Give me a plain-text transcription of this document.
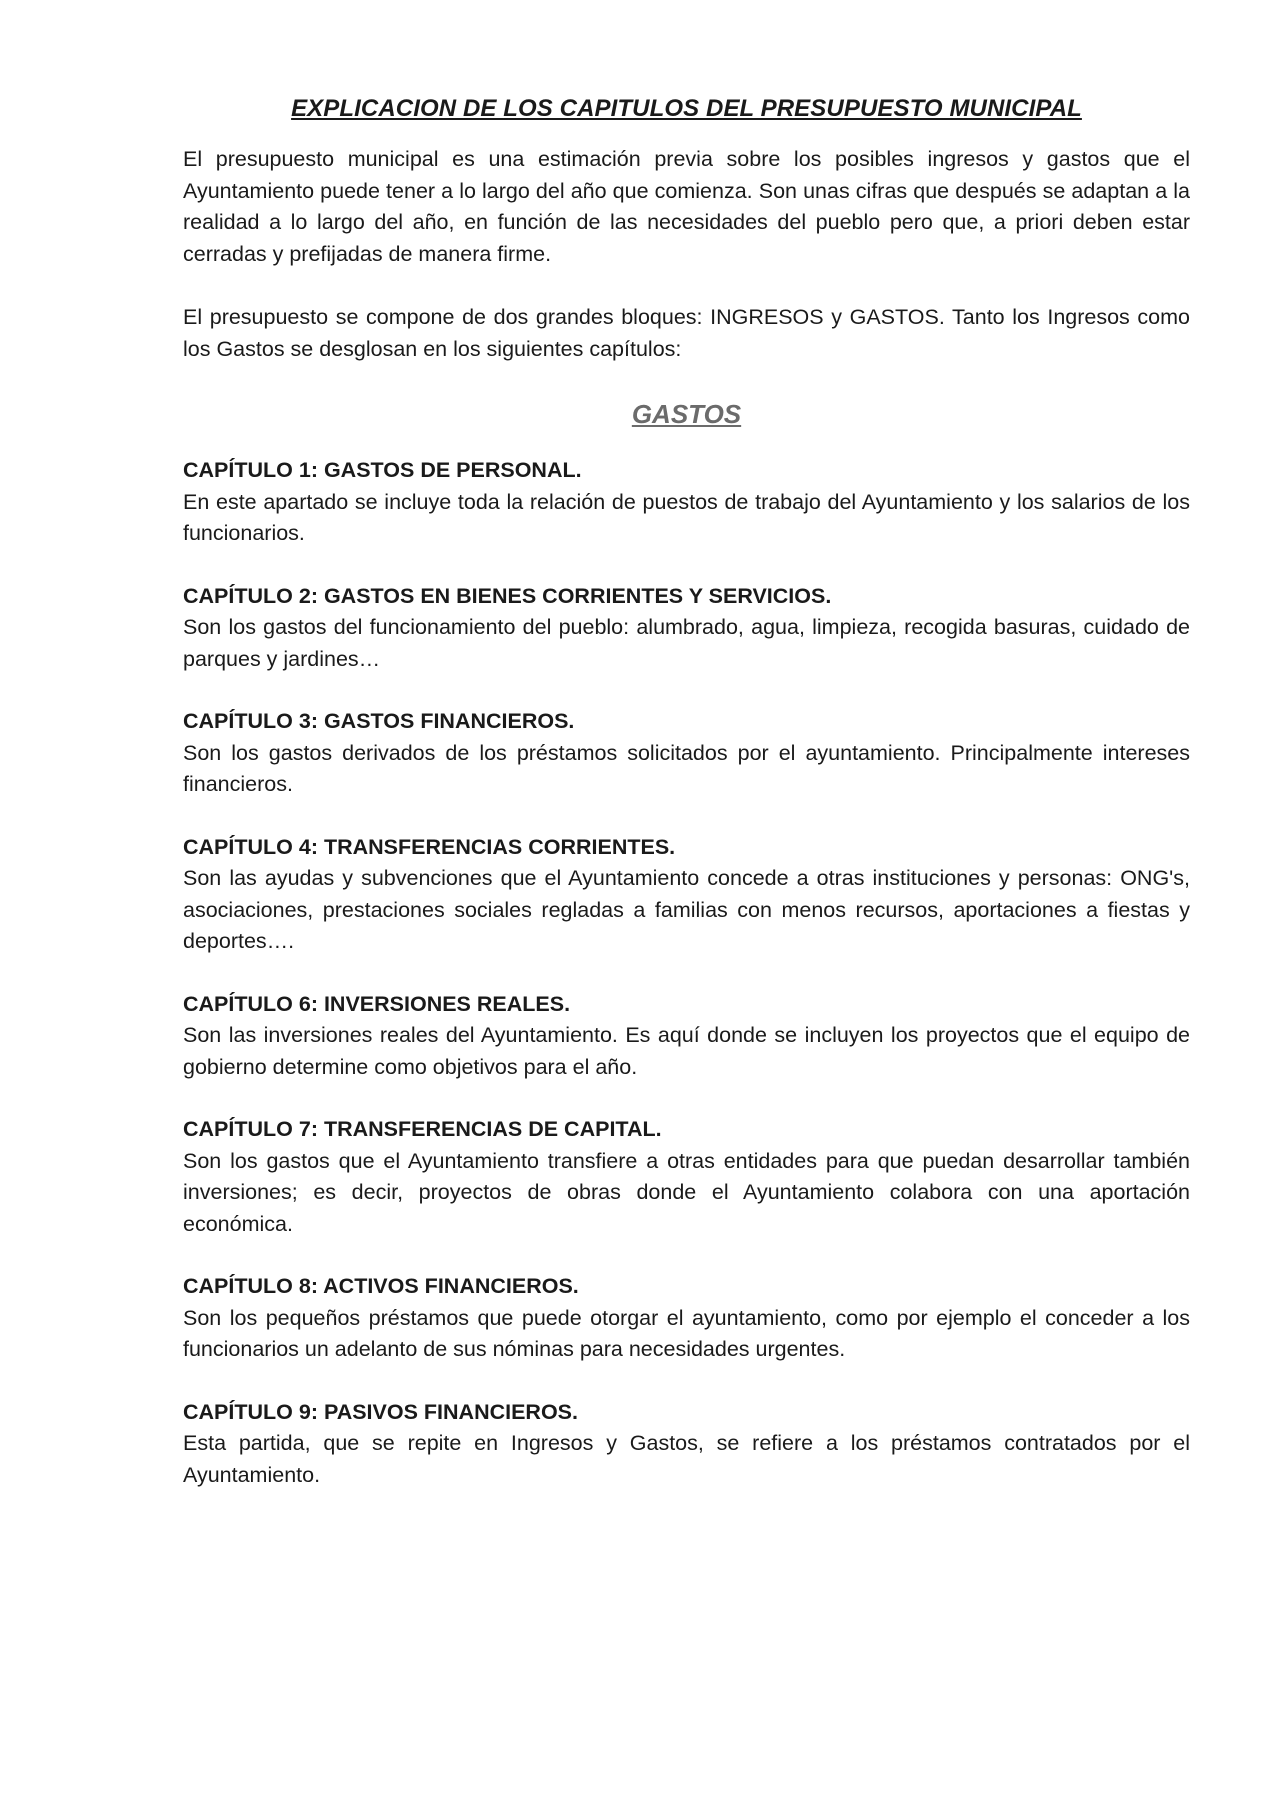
EXPLICACION DE LOS CAPITULOS DEL PRESUPUESTO MUNICIPAL

El presupuesto municipal es una estimación previa sobre los posibles ingresos y gastos que el Ayuntamiento puede tener a lo largo del año que comienza. Son unas cifras que después se adaptan a la realidad a lo largo del año, en función de las necesidades del pueblo pero que, a priori deben estar cerradas y prefijadas de manera firme.

El presupuesto se compone de dos grandes bloques: INGRESOS y GASTOS. Tanto los Ingresos como los Gastos se desglosan en los siguientes capítulos:

GASTOS

CAPÍTULO 1: GASTOS DE PERSONAL.

En este apartado se incluye toda la relación de puestos de trabajo del Ayuntamiento y los salarios de los funcionarios.

CAPÍTULO 2: GASTOS EN BIENES CORRIENTES Y SERVICIOS.

Son los gastos del funcionamiento del pueblo: alumbrado, agua, limpieza, recogida basuras, cuidado de parques y jardines…

CAPÍTULO 3: GASTOS FINANCIEROS.

Son los gastos derivados de los préstamos solicitados por el ayuntamiento. Principalmente intereses financieros.

CAPÍTULO 4: TRANSFERENCIAS CORRIENTES.

Son las ayudas y subvenciones que el Ayuntamiento concede a otras instituciones y personas: ONG's, asociaciones, prestaciones sociales regladas a familias con menos recursos, aportaciones a fiestas y deportes….

CAPÍTULO 6: INVERSIONES REALES.

Son las inversiones reales del Ayuntamiento. Es aquí donde se incluyen los proyectos que el equipo de gobierno determine como objetivos para el año.

CAPÍTULO 7: TRANSFERENCIAS DE CAPITAL.

Son los gastos que el Ayuntamiento transfiere a otras entidades para que puedan desarrollar también inversiones; es decir, proyectos de obras donde el Ayuntamiento colabora con una aportación económica.

CAPÍTULO 8: ACTIVOS FINANCIEROS.

Son los pequeños préstamos que puede otorgar el ayuntamiento, como por ejemplo el conceder a los funcionarios un adelanto de sus nóminas para necesidades urgentes.

CAPÍTULO 9: PASIVOS FINANCIEROS.

Esta partida, que se repite en Ingresos y Gastos, se refiere a los préstamos contratados por el Ayuntamiento.
